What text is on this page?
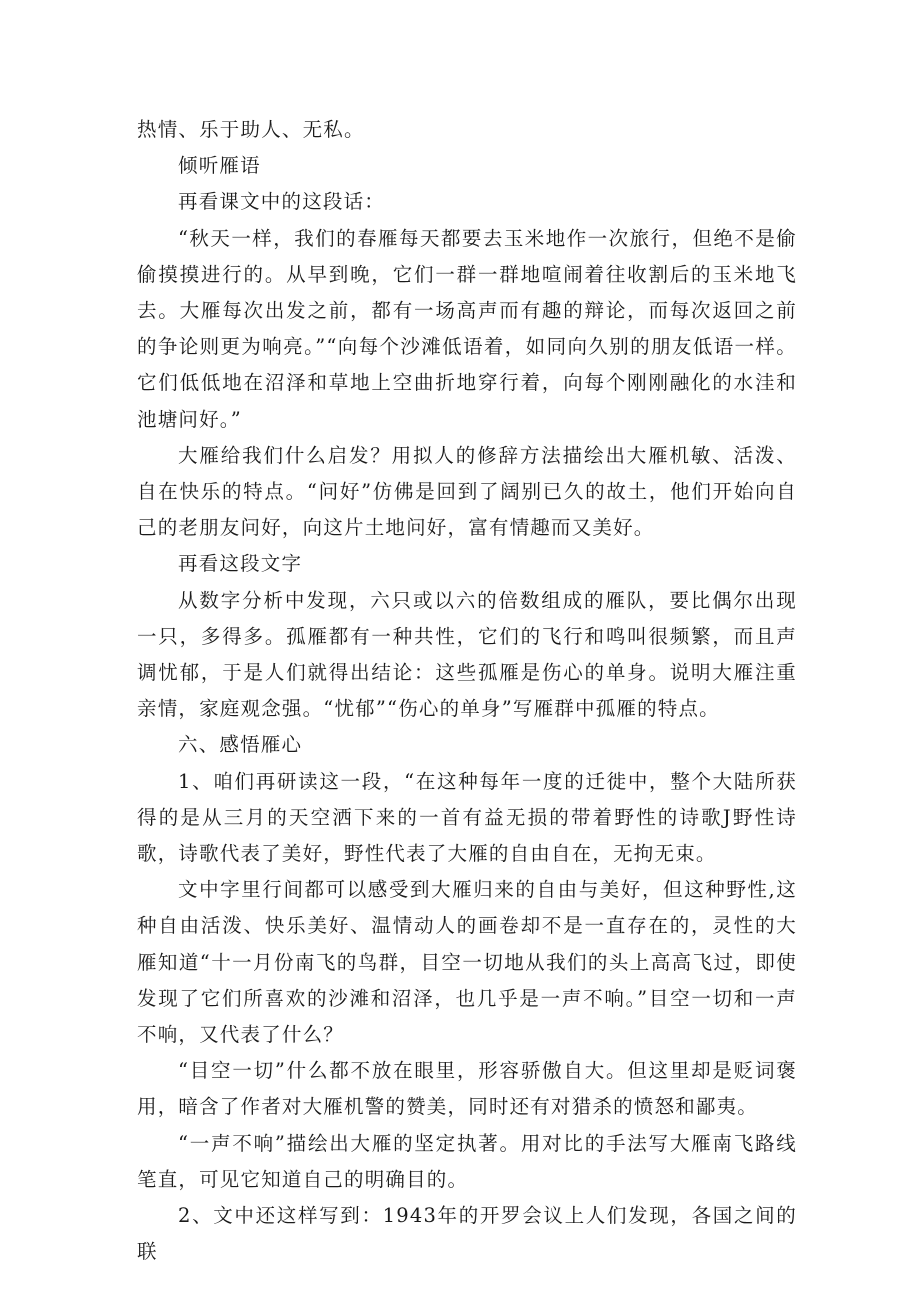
热情、乐于助人、无私。

倾听雁语

再看课文中的这段话：

“秋天一样，我们的春雁每天都要去玉米地作一次旅行，但绝不是偷偷摸摸进行的。从早到晚，它们一群一群地喧闹着往收割后的玉米地飞去。大雁每次出发之前，都有一场高声而有趣的辩论，而每次返回之前的争论则更为响亮。”“向每个沙滩低语着，如同向久别的朋友低语一样。它们低低地在沼泽和草地上空曲折地穿行着，向每个刚刚融化的水洼和池塘问好。”

大雁给我们什么启发？用拟人的修辞方法描绘出大雁机敏、活泼、自在快乐的特点。“问好”仿佛是回到了阔别已久的故土，他们开始向自己的老朋友问好，向这片土地问好，富有情趣而又美好。

再看这段文字

从数字分析中发现，六只或以六的倍数组成的雁队，要比偶尔出现一只，多得多。孤雁都有一种共性，它们的飞行和鸣叫很频繁，而且声调忧郁，于是人们就得出结论：这些孤雁是伤心的单身。说明大雁注重亲情，家庭观念强。“忧郁”“伤心的单身”写雁群中孤雁的特点。

六、感悟雁心

1、咱们再研读这一段，“在这种每年一度的迁徙中，整个大陆所获得的是从三月的天空洒下来的一首有益无损的带着野性的诗歌J野性诗歌，诗歌代表了美好，野性代表了大雁的自由自在，无拘无束。

文中字里行间都可以感受到大雁归来的自由与美好，但这种野性,这种自由活泼、快乐美好、温情动人的画卷却不是一直存在的，灵性的大雁知道“十一月份南飞的鸟群，目空一切地从我们的头上高高飞过，即使发现了它们所喜欢的沙滩和沼泽，也几乎是一声不响。”目空一切和一声不响，又代表了什么？

“目空一切”什么都不放在眼里，形容骄傲自大。但这里却是贬词褒用，暗含了作者对大雁机警的赞美，同时还有对猎杀的愤怒和鄙夷。

“一声不响”描绘出大雁的坚定执著。用对比的手法写大雁南飞路线笔直，可见它知道自己的明确目的。

2、文中还这样写到：1943年的开罗会议上人们发现，各国之间的联
